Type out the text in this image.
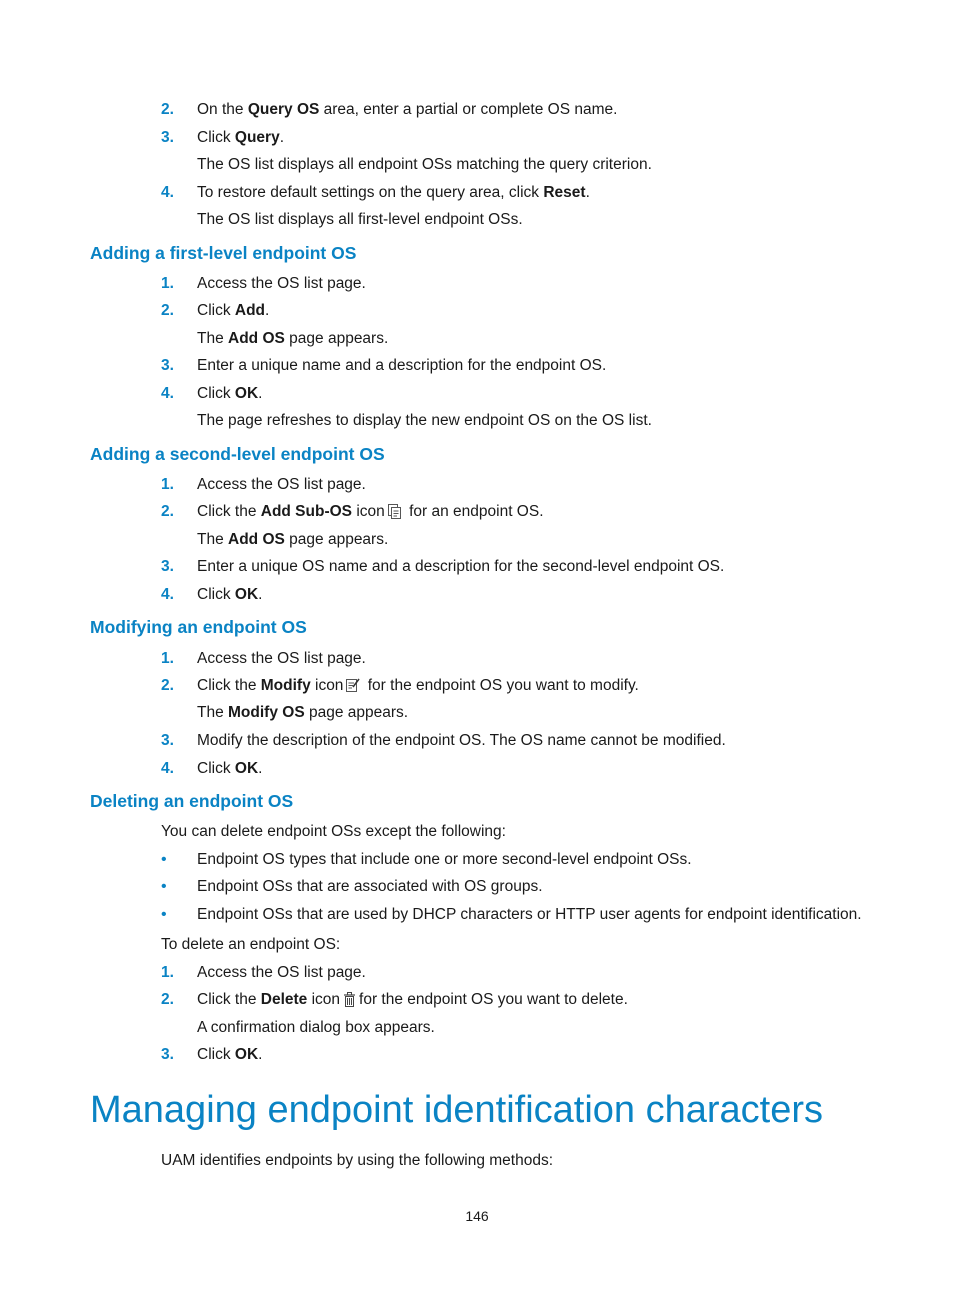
2.	On the Query OS area, enter a partial or complete OS name.
3.	Click Query.
The OS list displays all endpoint OSs matching the query criterion.
4.	To restore default settings on the query area, click Reset.
The OS list displays all first-level endpoint OSs.
Adding a first-level endpoint OS
1.	Access the OS list page.
2.	Click Add.
The Add OS page appears.
3.	Enter a unique name and a description for the endpoint OS.
4.	Click OK.
The page refreshes to display the new endpoint OS on the OS list.
Adding a second-level endpoint OS
1.	Access the OS list page.
2.	Click the Add Sub-OS icon for an endpoint OS.
The Add OS page appears.
3.	Enter a unique OS name and a description for the second-level endpoint OS.
4.	Click OK.
Modifying an endpoint OS
1.	Access the OS list page.
2.	Click the Modify icon for the endpoint OS you want to modify.
The Modify OS page appears.
3.	Modify the description of the endpoint OS. The OS name cannot be modified.
4.	Click OK.
Deleting an endpoint OS
You can delete endpoint OSs except the following:
• Endpoint OS types that include one or more second-level endpoint OSs.
• Endpoint OSs that are associated with OS groups.
• Endpoint OSs that are used by DHCP characters or HTTP user agents for endpoint identification.
To delete an endpoint OS:
1.	Access the OS list page.
2.	Click the Delete icon for the endpoint OS you want to delete.
A confirmation dialog box appears.
3.	Click OK.
Managing endpoint identification characters
UAM identifies endpoints by using the following methods:
146
